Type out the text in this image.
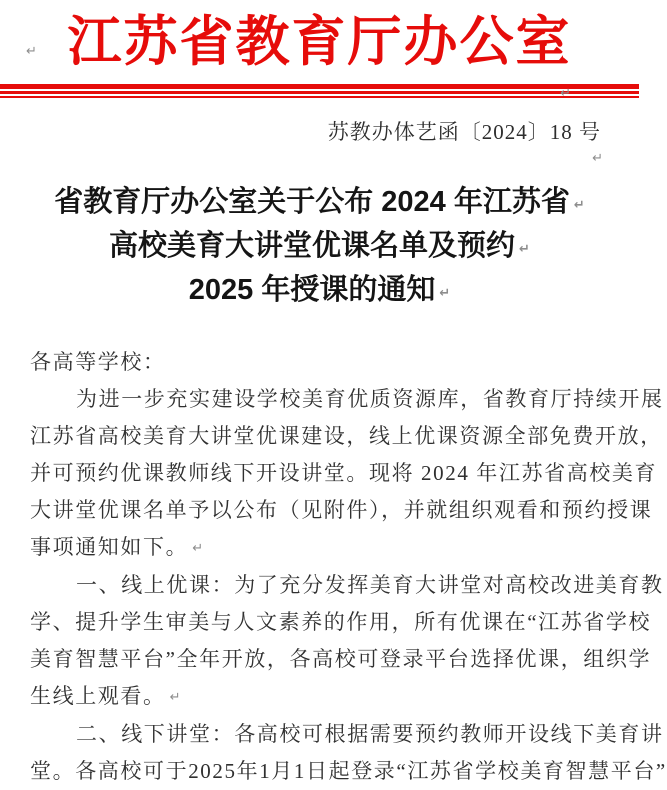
↵ 江苏省教育厅办公室
↵
苏教办体艺函〔2024〕18 号
↵
省教育厅办公室关于公布 2024 年江苏省 ↵
高校美育大讲堂优课名单及预约 ↵
2025 年授课的通知 ↵
各高等学校：
为进一步充实建设学校美育优质资源库，省教育厅持续开展
江苏省高校美育大讲堂优课建设，线上优课资源全部免费开放，
并可预约优课教师线下开设讲堂。现将 2024 年江苏省高校美育
大讲堂优课名单予以公布（见附件），并就组织观看和预约授课
事项通知如下。 ↵
一、线上优课：为了充分发挥美育大讲堂对高校改进美育教
学、提升学生审美与人文素养的作用，所有优课在“江苏省学校
美育智慧平台”全年开放，各高校可登录平台选择优课，组织学
生线上观看。 ↵
二、线下讲堂：各高校可根据需要预约教师开设线下美育讲
堂。各高校可于2025年1月1日起登录“江苏省学校美育智慧平台”
